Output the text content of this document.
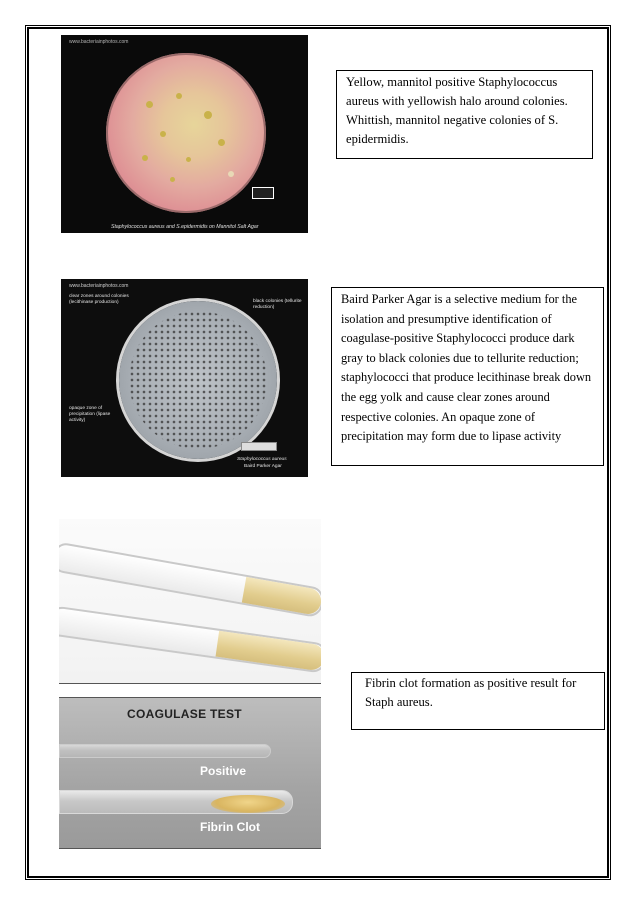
www.bacteriainphotos.com
Staphylococcus aureus and S.epidermidis on Mannitol Salt Agar
Yellow, mannitol positive Staphylococcus aureus with yellowish halo around colonies. Whittish, mannitol negative colonies of S. epidermidis.
www.bacteriainphotos.com
clear zones around colonies (lecithinase production)	black colonies (tellurite reduction)
opaque zone of precipitation (lipase activity)
Staphylococcus aureus
Baird Parker Agar
Baird Parker Agar is a selective medium for the isolation and presumptive identification of coagulase-positive Staphylococci produce dark gray to black colonies due to tellurite reduction; staphylococci that produce lecithinase break down the egg yolk and cause clear zones around respective colonies. An opaque zone of precipitation may form due to lipase activity
COAGULASE TEST
Positive
Fibrin Clot
Fibrin clot formation as positive result for Staph aureus.
